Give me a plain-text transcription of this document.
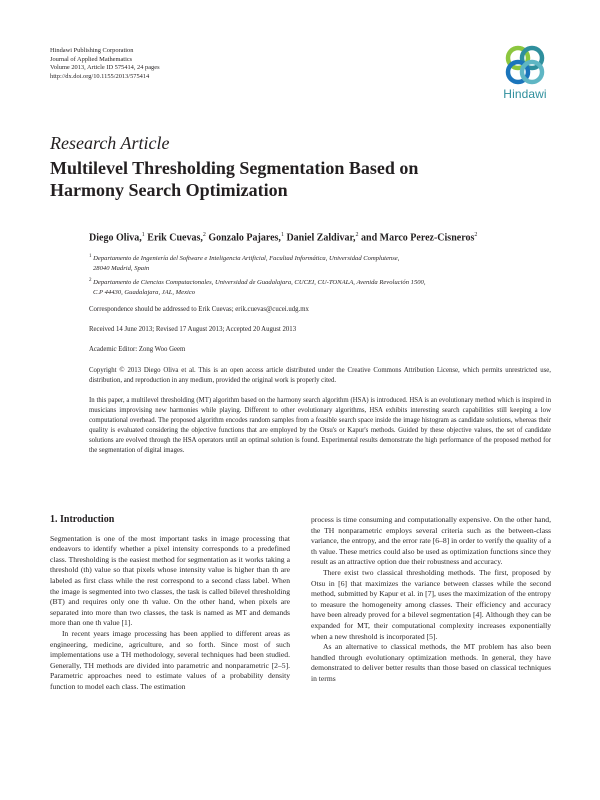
Hindawi Publishing Corporation
Journal of Applied Mathematics
Volume 2013, Article ID 575414, 24 pages
http://dx.doi.org/10.1155/2013/575414
Hindawi
Research Article
Multilevel Thresholding Segmentation Based on Harmony Search Optimization
Diego Oliva,$^1$ Erik Cuevas,$^2$ Gonzalo Pajares,$^1$ Daniel Zaldivar,$^2$ and Marco Perez-Cisneros$^2$
$^1$ Departamento de Ingeniería del Software e Inteligencia Artificial, Facultad Informática, Universidad Complutense,
28040 Madrid, Spain
$^2$ Departamento de Ciencias Computacionales, Universidad de Guadalajara, CUCEI, CU-TONALA, Avenida Revolución 1500,
C.P 44430, Guadalajara, JAL, Mexico
Correspondence should be addressed to Erik Cuevas; erik.cuevas@cucei.udg.mx
Received 14 June 2013; Revised 17 August 2013; Accepted 20 August 2013
Academic Editor: Zong Woo Geem
Copyright © 2013 Diego Oliva et al. This is an open access article distributed under the Creative Commons Attribution License, which permits unrestricted use, distribution, and reproduction in any medium, provided the original work is properly cited.
In this paper, a multilevel thresholding (MT) algorithm based on the harmony search algorithm (HSA) is introduced. HSA is an evolutionary method which is inspired in musicians improvising new harmonies while playing. Different to other evolutionary algorithms, HSA exhibits interesting search capabilities still keeping a low computational overhead. The proposed algorithm encodes random samples from a feasible search space inside the image histogram as candidate solutions, whereas their quality is evaluated considering the objective functions that are employed by the Otsu's or Kapur's methods. Guided by these objective values, the set of candidate solutions are evolved through the HSA operators until an optimal solution is found. Experimental results demonstrate the high performance of the proposed method for the segmentation of digital images.
1. Introduction

Segmentation is one of the most important tasks in image processing that endeavors to identify whether a pixel intensity corresponds to a predefined class. Thresholding is the easiest method for segmentation as it works taking a threshold (th) value so that pixels whose intensity value is higher than th are labeled as first class while the rest correspond to a second class label. When the image is segmented into two classes, the task is called bilevel thresholding (BT) and requires only one th value. On the other hand, when pixels are separated into more than two classes, the task is named as MT and demands more than one th value [1].

In recent years image processing has been applied to different areas as engineering, medicine, agriculture, and so forth. Since most of such implementations use a TH methodology, several techniques had been studied. Generally, TH methods are divided into parametric and nonparametric [2–5]. Parametric approaches need to estimate values of a probability density function to model each class. The estimation

process is time consuming and computationally expensive. On the other hand, the TH nonparametric employs several criteria such as the between-class variance, the entropy, and the error rate [6–8] in order to verify the quality of a th value. These metrics could also be used as optimization functions since they result as an attractive option due their robustness and accuracy.

There exist two classical thresholding methods. The first, proposed by Otsu in [6] that maximizes the variance between classes while the second method, submitted by Kapur et al. in [7], uses the maximization of the entropy to measure the homogeneity among classes. Their efficiency and accuracy have been already proved for a bilevel segmentation [4]. Although they can be expanded for MT, their computational complexity increases exponentially when a new threshold is incorporated [5].

As an alternative to classical methods, the MT problem has also been handled through evolutionary optimization methods. In general, they have demonstrated to deliver better results than those based on classical techniques in terms
